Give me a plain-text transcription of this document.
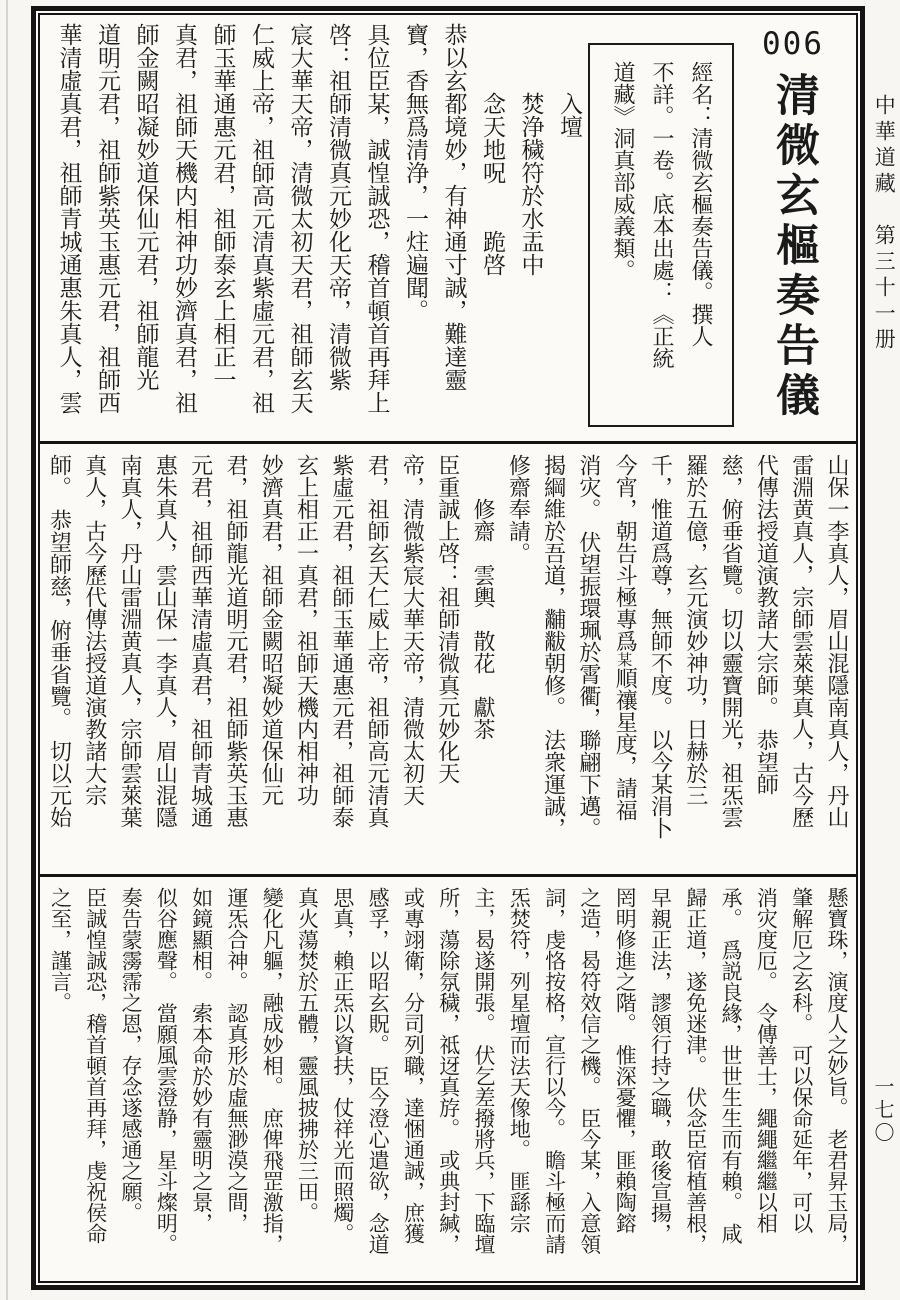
中華道藏　第三十一册
一七〇
　　　入壇
　　　焚浄穢符於水盂中
　　　念天地呪　　跪啓
恭以玄都境妙，有神通寸誠，難達靈
寶，香無爲清浄，一炷遍聞。
具位臣某，誠惶誠恐，稽首頓首再拜上
啓：祖師清微真元妙化天帝，清微紫
宸大華天帝，清微太初天君，祖師玄天
仁威上帝，祖師高元清真紫虛元君，祖
師玉華通惠元君，祖師泰玄上相正一
真君，祖師天機内相神功妙濟真君，祖
師金闕昭凝妙道保仙元君，祖師龍光
道明元君，祖師紫英玉惠元君，祖師西
華清虛真君，祖師青城通惠朱真人，雲	經名：清微玄樞奏告儀。撰人
不詳。一卷。底本出處：《正統
道藏》洞真部威義類。
006
清微玄樞奏告儀
山保一李真人，眉山混隱南真人，丹山
雷淵黄真人，宗師雲萊葉真人，古今歷
代傳法授道演教諸大宗師。　恭望師
慈，俯垂省覽。切以靈寶開光，祖炁雲
羅於五億，玄元演妙神功，日赫於三
千，惟道爲尊，無師不度。　以今某涓卜
今宵，朝告斗極專爲某順禳星度，請福
消灾。　伏望振環珮於霄衢，聯翩下邁。
揭綱維於吾道，黼黻朝修。　法衆運誠，
修齋奉請。
　　修齋　雲輿　散花　獻茶
臣重誠上啓：祖師清微真元妙化天
帝，清微紫宸大華天帝，清微太初天
君，祖師玄天仁威上帝，祖師高元清真
紫虛元君，祖師玉華通惠元君，祖師泰
玄上相正一真君，祖師天機内相神功
妙濟真君，祖師金闕昭凝妙道保仙元
君，祖師龍光道明元君，祖師紫英玉惠
元君，祖師西華清虛真君，祖師青城通
惠朱真人，雲山保一李真人，眉山混隱
南真人，丹山雷淵黄真人，宗師雲萊葉
真人，古今歷代傳法授道演教諸大宗
師。　恭望師慈，俯垂省覽。　切以元始
懸寶珠，演度人之妙旨。　老君昇玉局，
肇解厄之玄科。　可以保命延年，可以
消灾度厄。　令傳善士，繩繩繼繼以相
承。　爲説良緣，世世生生而有賴。　咸
歸正道，遂免迷津。　伏念臣宿植善根，
早親正法，謬領行持之職，敢後宣揚，
罔明修進之階。　惟深憂懼，匪賴陶鎔
之造，曷符效信之機。　臣今某，入意領
詞，虔恪按格，宣行以今。　瞻斗極而請
炁焚符，列星壇而法天像地。　匪繇宗
主，曷遂開張。　伏乞差撥將兵，下臨壇
所，蕩除氛穢，祗迓真斿。　或典封緘，
或專翊衛，分司列職，達悃通誠，庶獲
感孚，以昭玄貺。　臣今澄心遣欲，念道
思真，賴正炁以資扶，仗祥光而照燭。
真火蕩焚於五體，靈風披拂於三田。
變化凡軀，融成妙相。　庶俾飛罡激指，
運炁合神。　認真形於虛無渺漠之間，
如鏡顯相。　索本命於妙有靈明之景，
似谷應聲。　當願風雲澄静，星斗燦明。
奏告蒙霶霈之恩，存念遂感通之願。
臣誠惶誠恐，稽首頓首再拜，虔祝侯命
之至，謹言。
